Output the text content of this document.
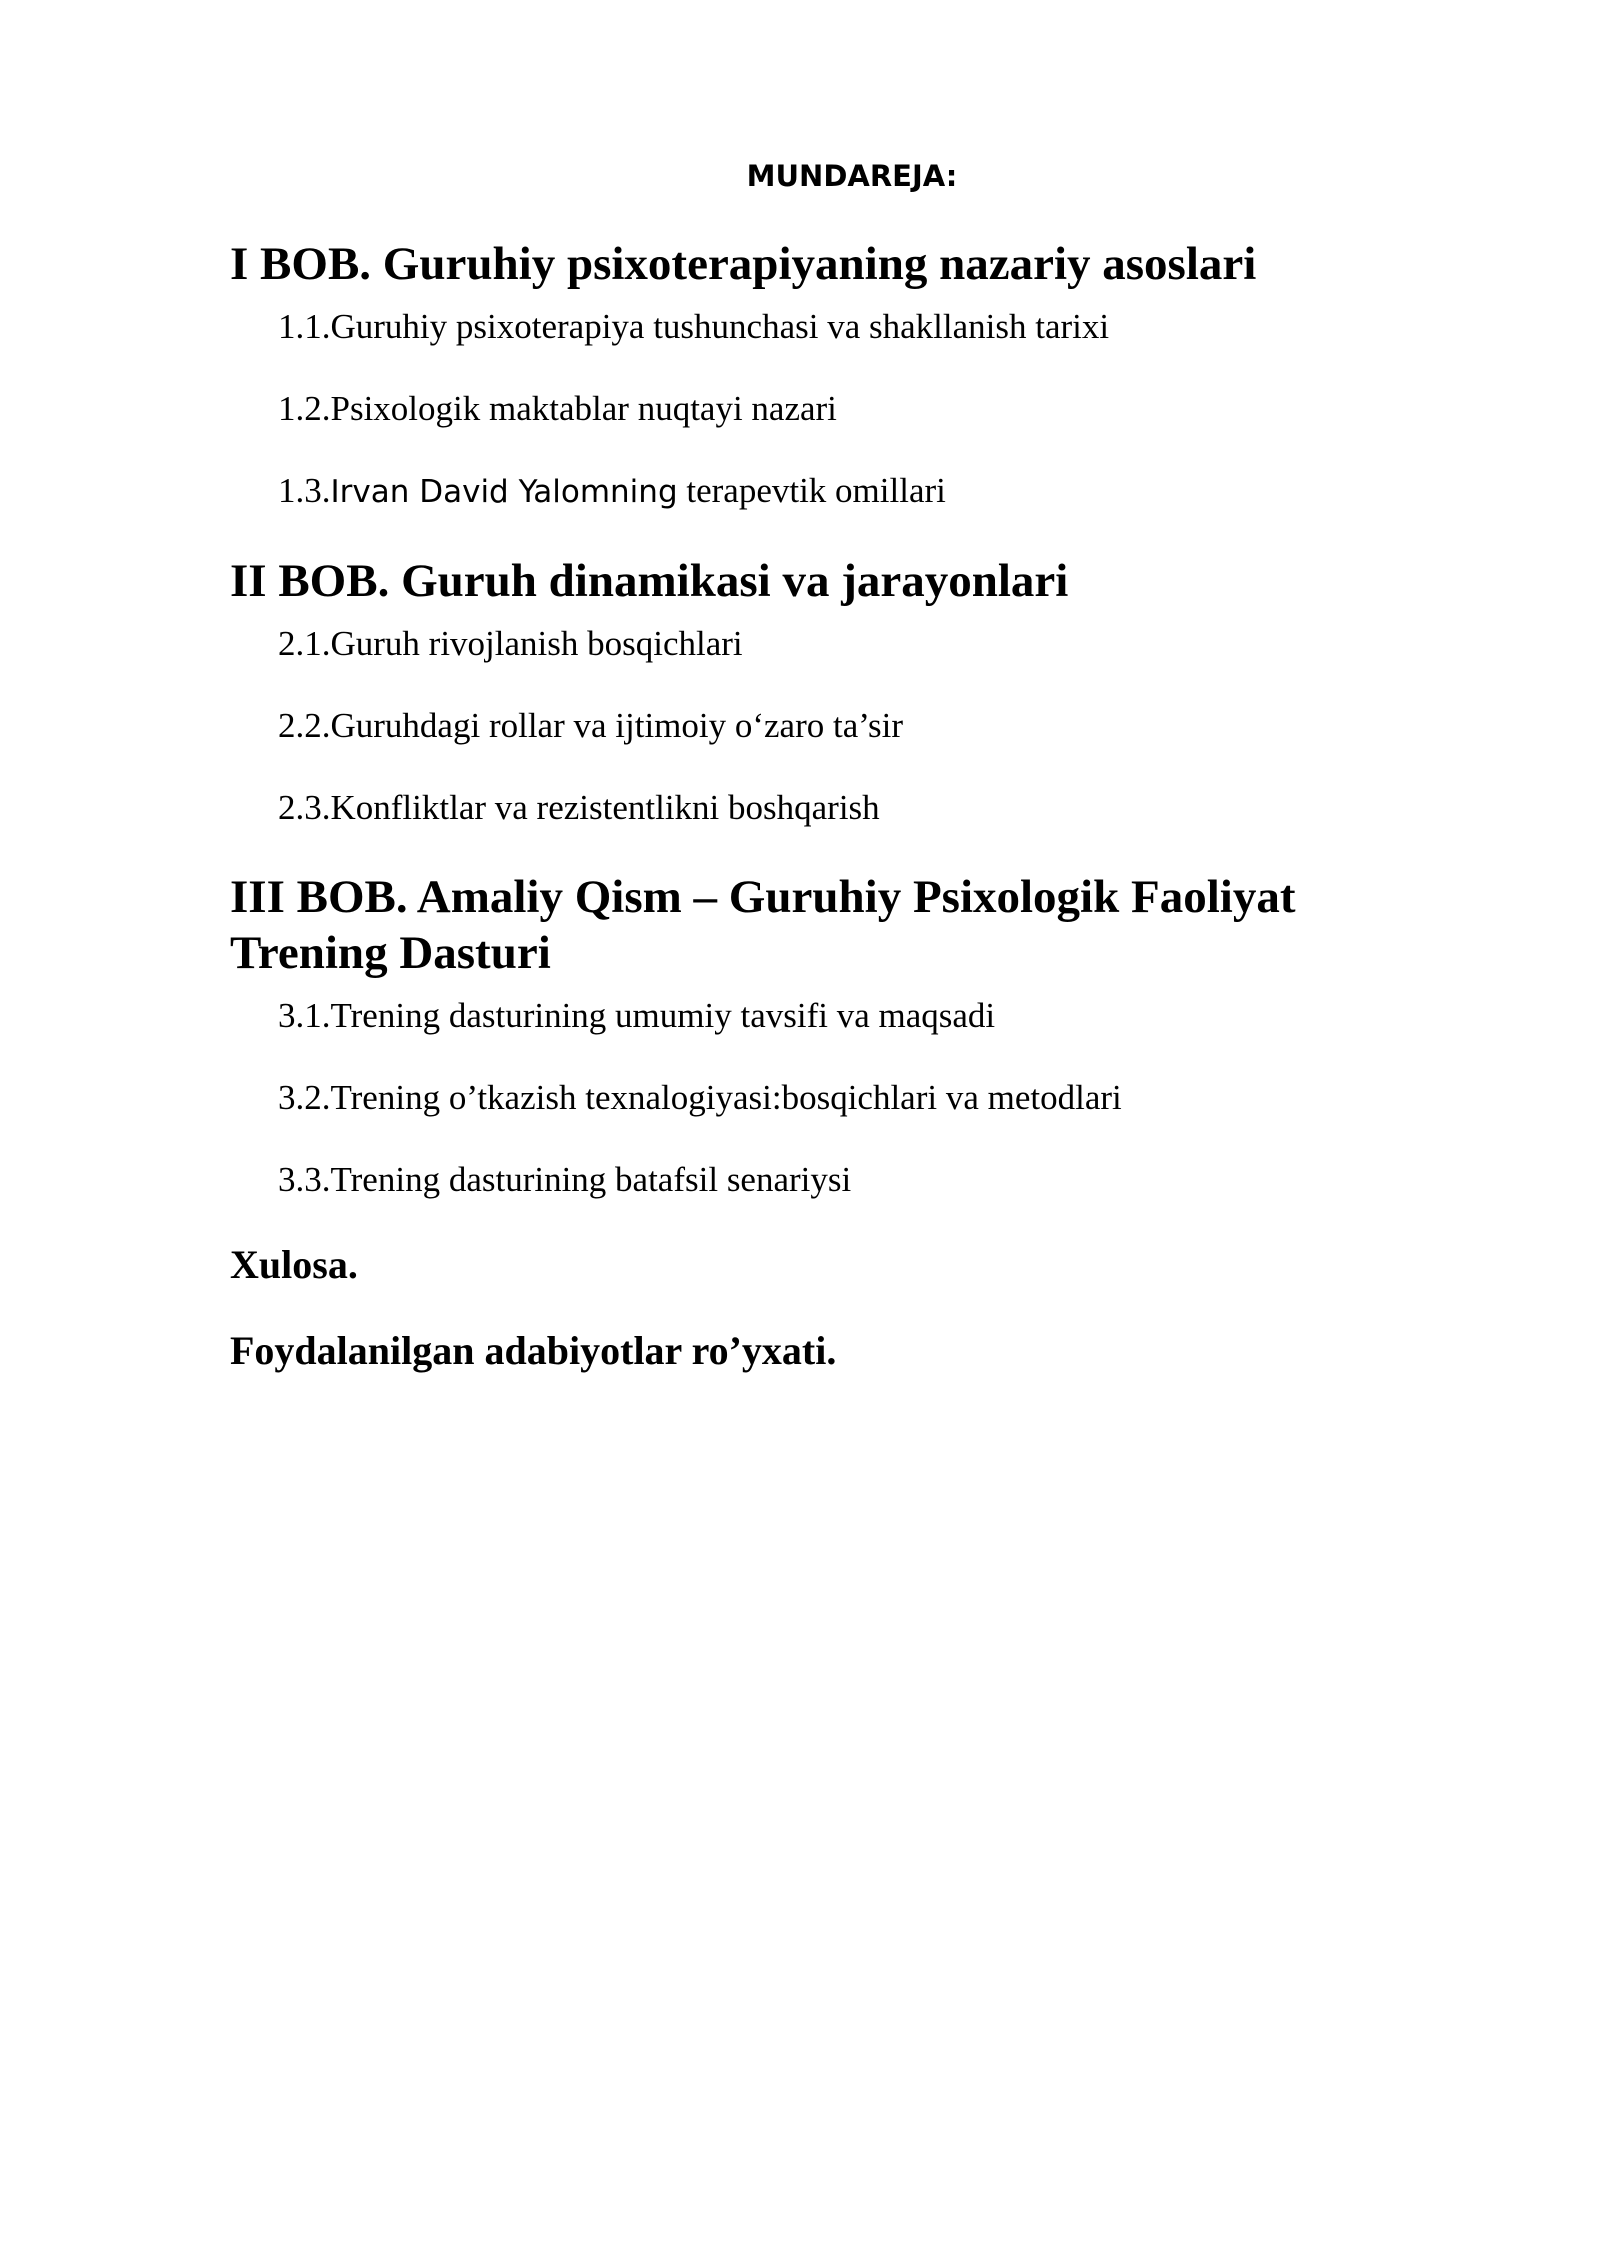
MUNDAREJA:
I BOB. Guruhiy psixoterapiyaning nazariy asoslari
1.1.Guruhiy psixoterapiya tushunchasi va shakllanish tarixi
1.2.Psixologik maktablar nuqtayi nazari
1.3.Irvan David Yalomning terapevtik omillari
II BOB. Guruh dinamikasi va jarayonlari
2.1.Guruh rivojlanish bosqichlari
2.2.Guruhdagi rollar va ijtimoiy o‘zaro ta’sir
2.3.Konfliktlar va rezistentlikni boshqarish
III BOB. Amaliy Qism – Guruhiy Psixologik Faoliyat
Trening Dasturi
3.1.Trening dasturining umumiy tavsifi va maqsadi
3.2.Trening o’tkazish texnalogiyasi:bosqichlari va metodlari
3.3.Trening dasturining batafsil senariysi

Xulosa.

Foydalanilgan adabiyotlar ro’yxati.
